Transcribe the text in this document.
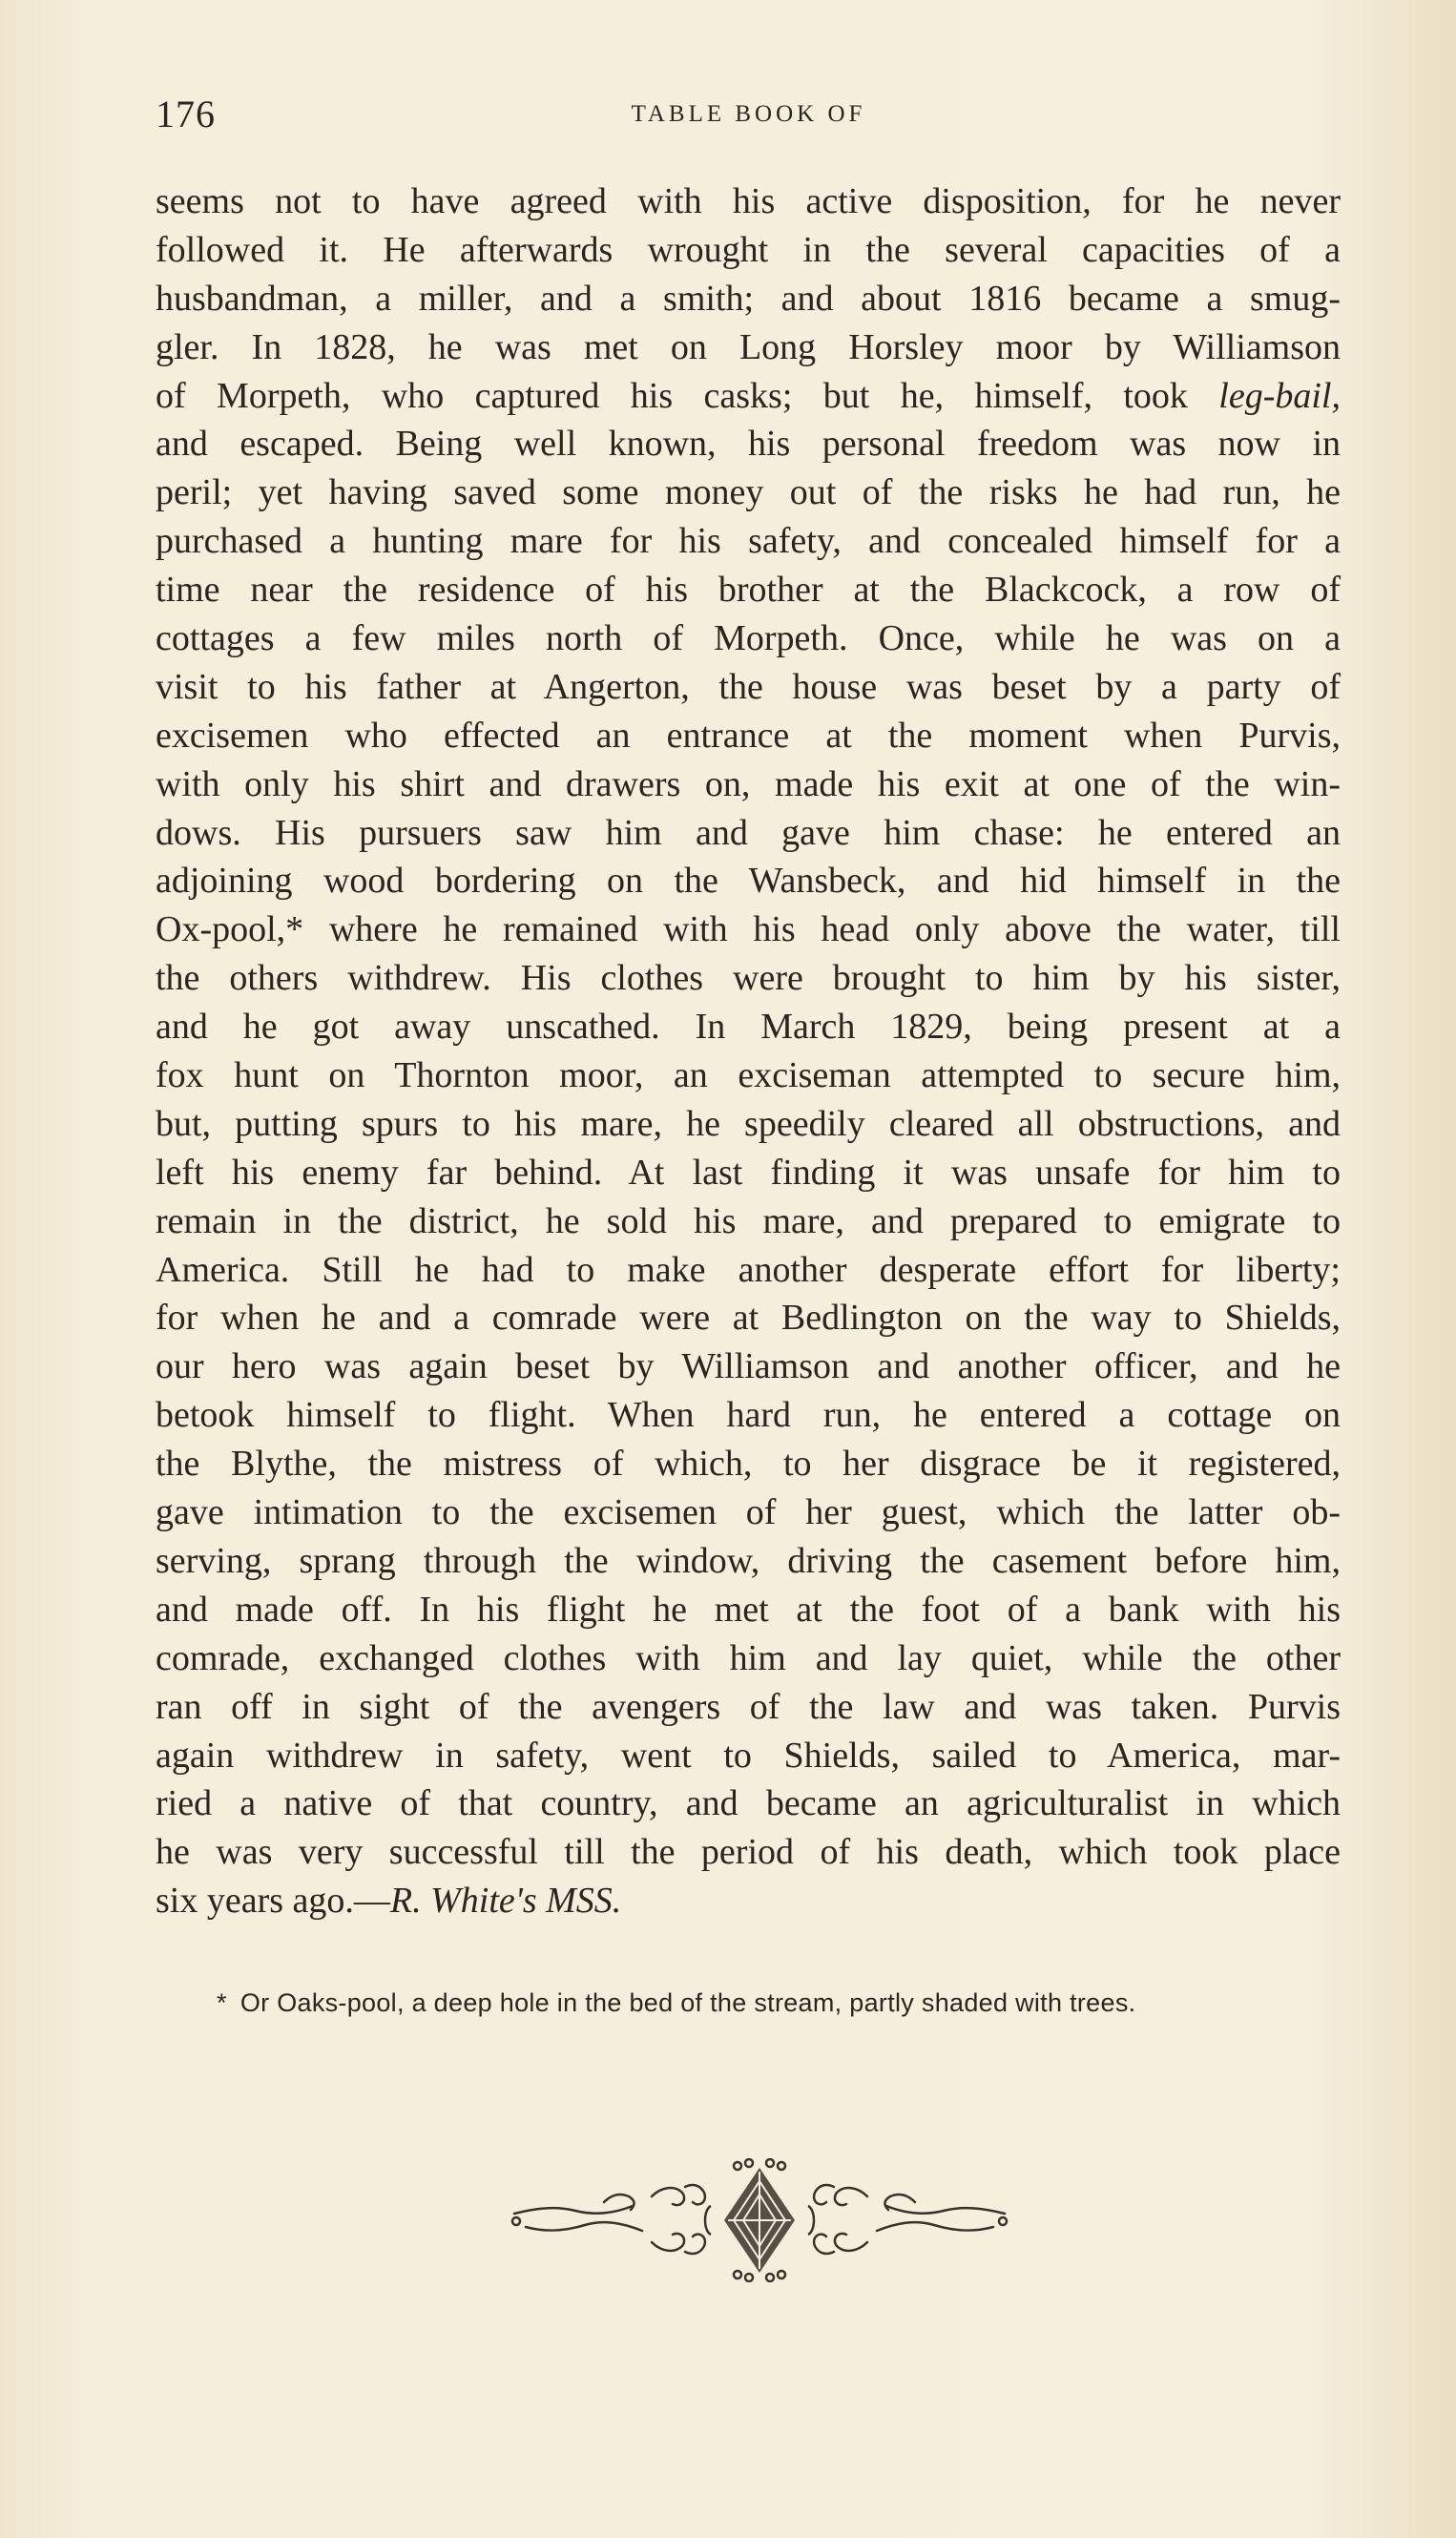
176	TABLE BOOK OF
seems not to have agreed with his active disposition, for he never
followed it. He afterwards wrought in the several capacities of a
husbandman, a miller, and a smith; and about 1816 became a smug-
gler. In 1828, he was met on Long Horsley moor by Williamson
of Morpeth, who captured his casks; but he, himself, took leg-bail,
and escaped. Being well known, his personal freedom was now in
peril; yet having saved some money out of the risks he had run, he
purchased a hunting mare for his safety, and concealed himself for a
time near the residence of his brother at the Blackcock, a row of
cottages a few miles north of Morpeth. Once, while he was on a
visit to his father at Angerton, the house was beset by a party of
excisemen who effected an entrance at the moment when Purvis,
with only his shirt and drawers on, made his exit at one of the win-
dows. His pursuers saw him and gave him chase: he entered an
adjoining wood bordering on the Wansbeck, and hid himself in the
Ox-pool,* where he remained with his head only above the water, till
the others withdrew. His clothes were brought to him by his sister,
and he got away unscathed. In March 1829, being present at a
fox hunt on Thornton moor, an exciseman attempted to secure him,
but, putting spurs to his mare, he speedily cleared all obstructions, and
left his enemy far behind. At last finding it was unsafe for him to
remain in the district, he sold his mare, and prepared to emigrate to
America. Still he had to make another desperate effort for liberty;
for when he and a comrade were at Bedlington on the way to Shields,
our hero was again beset by Williamson and another officer, and he
betook himself to flight. When hard run, he entered a cottage on
the Blythe, the mistress of which, to her disgrace be it registered,
gave intimation to the excisemen of her guest, which the latter ob-
serving, sprang through the window, driving the casement before him,
and made off. In his flight he met at the foot of a bank with his
comrade, exchanged clothes with him and lay quiet, while the other
ran off in sight of the avengers of the law and was taken. Purvis
again withdrew in safety, went to Shields, sailed to America, mar-
ried a native of that country, and became an agriculturalist in which
he was very successful till the period of his death, which took place
six years ago.—R. White's MSS.
* Or Oaks-pool, a deep hole in the bed of the stream, partly shaded with trees.
